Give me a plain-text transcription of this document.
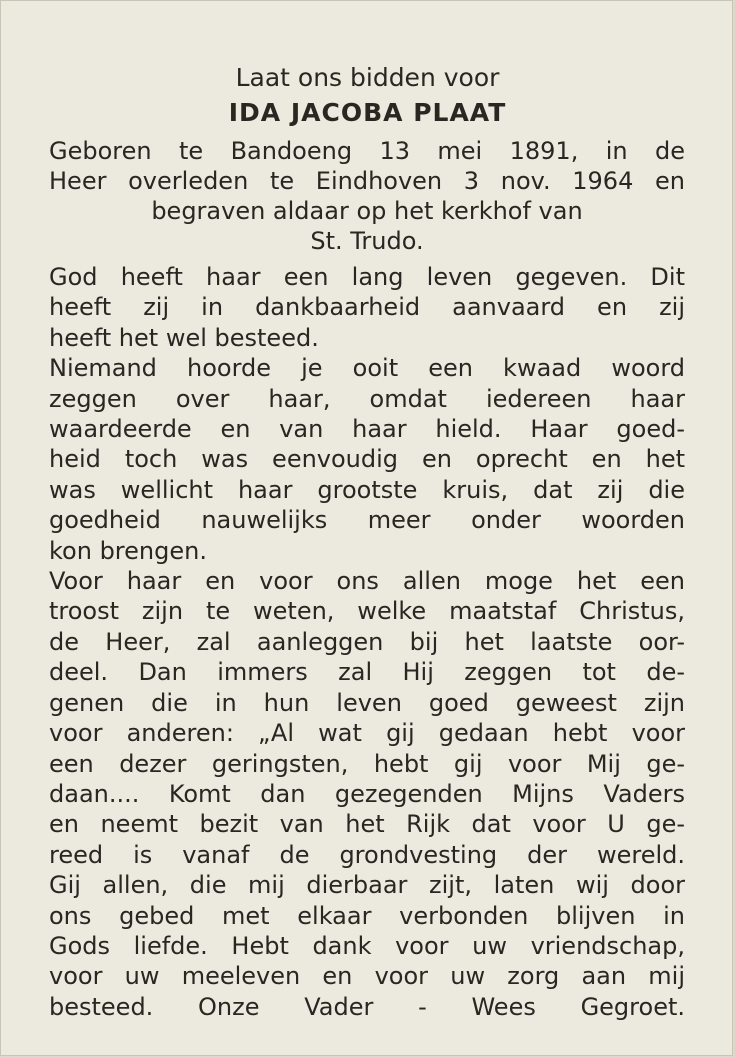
Laat ons bidden voor
IDA JACOBA PLAAT
Geboren te Bandoeng 13 mei 1891, in de
Heer overleden te Eindhoven 3 nov. 1964 en
begraven aldaar op het kerkhof van
St. Trudo.
God heeft haar een lang leven gegeven. Dit
heeft zij in dankbaarheid aanvaard en zij
heeft het wel besteed.
Niemand hoorde je ooit een kwaad woord
zeggen over haar, omdat iedereen haar
waardeerde en van haar hield. Haar goed-
heid toch was eenvoudig en oprecht en het
was wellicht haar grootste kruis, dat zij die
goedheid nauwelijks meer onder woorden
kon brengen.
Voor haar en voor ons allen moge het een
troost zijn te weten, welke maatstaf Christus,
de Heer, zal aanleggen bij het laatste oor-
deel. Dan immers zal Hij zeggen tot de-
genen die in hun leven goed geweest zijn
voor anderen: „Al wat gij gedaan hebt voor
een dezer geringsten, hebt gij voor Mij ge-
daan.... Komt dan gezegenden Mijns Vaders
en neemt bezit van het Rijk dat voor U ge-
reed is vanaf de grondvesting der wereld.
Gij allen, die mij dierbaar zijt, laten wij door
ons gebed met elkaar verbonden blijven in
Gods liefde. Hebt dank voor uw vriendschap,
voor uw meeleven en voor uw zorg aan mij
besteed. Onze Vader - Wees Gegroet.
